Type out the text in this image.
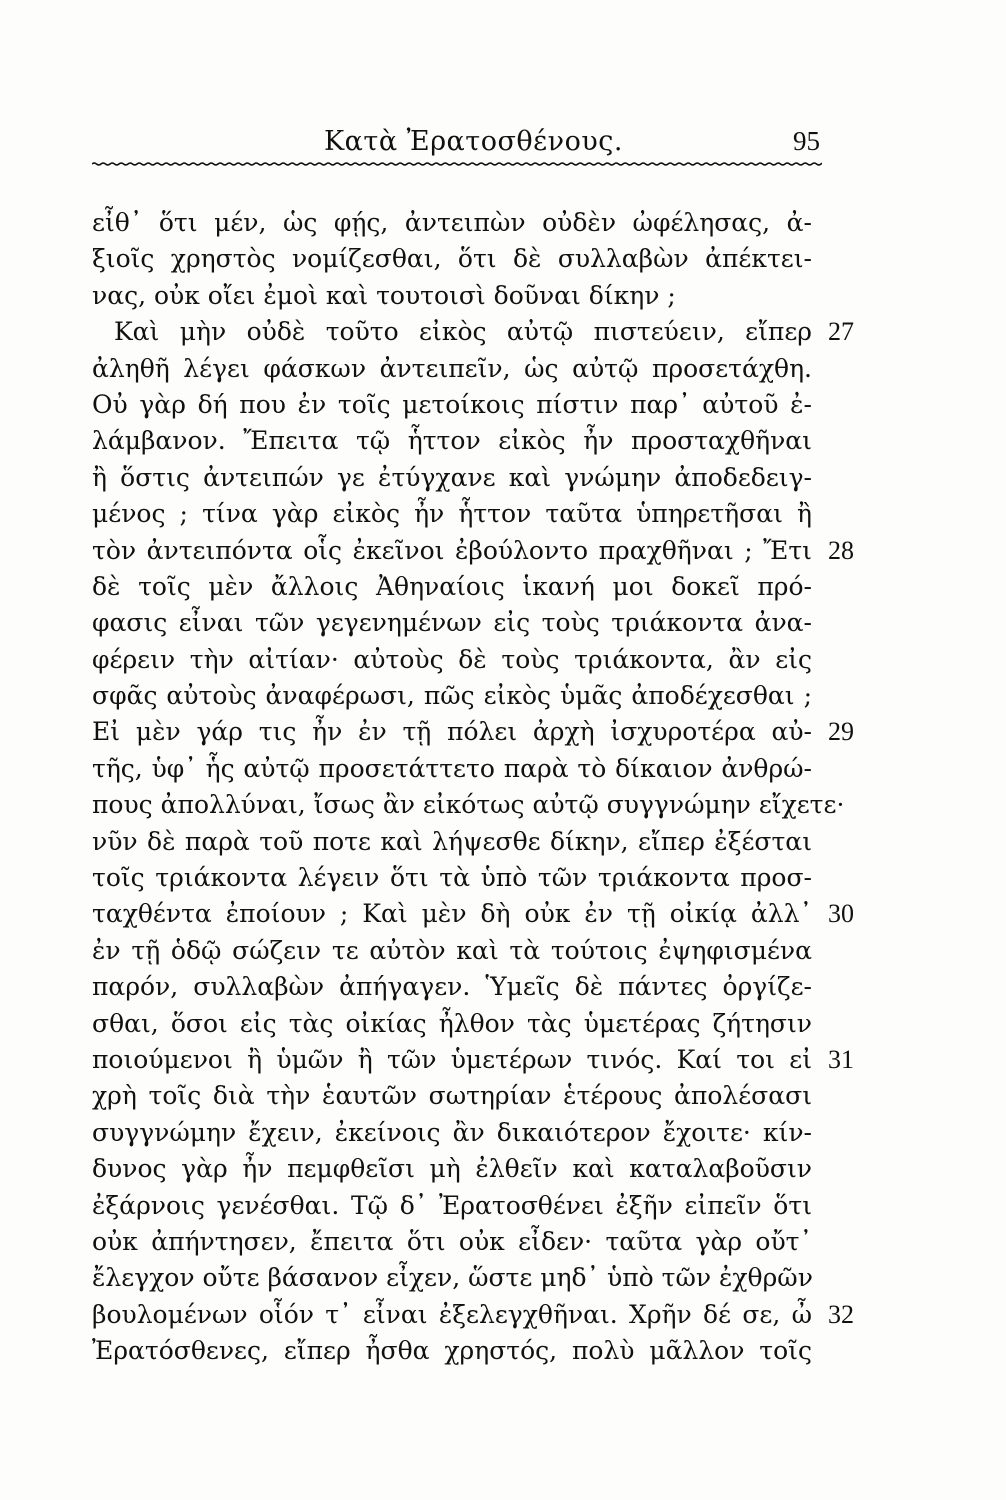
Κατὰ Ἐρατοσθένους.	95
εἶθ᾽ ὅτι μέν, ὡς φῄς, ἀντειπὼν οὐδὲν ὠφέλησας, ἀ-
ξιοῖς χρηστὸς νομίζεσθαι, ὅτι δὲ συλλαβὼν ἀπέκτει-
νας, οὐκ οἴει ἐμοὶ καὶ τουτοισὶ δοῦναι δίκην ;
Καὶ μὴν οὐδὲ τοῦτο εἰκὸς αὐτῷ πιστεύειν, εἴπερ 27
ἀληθῆ λέγει φάσκων ἀντειπεῖν, ὡς αὐτῷ προσετάχθη.
Οὐ γὰρ δή που ἐν τοῖς μετοίκοις πίστιν παρ᾽ αὐτοῦ ἐ-
λάμβανον. Ἔπειτα τῷ ἧττον εἰκὸς ἦν προσταχθῆναι
ἢ ὅστις ἀντειπών γε ἐτύγχανε καὶ γνώμην ἀποδεδειγ-
μένος ; τίνα γὰρ εἰκὸς ἦν ἧττον ταῦτα ὑπηρετῆσαι ἢ
τὸν ἀντειπόντα οἷς ἐκεῖνοι ἐβούλοντο πραχθῆναι ; Ἔτι 28
δὲ τοῖς μὲν ἄλλοις Ἀθηναίοις ἱκανή μοι δοκεῖ πρό-
φασις εἶναι τῶν γεγενημένων εἰς τοὺς τριάκοντα ἀνα-
φέρειν τὴν αἰτίαν· αὐτοὺς δὲ τοὺς τριάκοντα, ἂν εἰς
σφᾶς αὐτοὺς ἀναφέρωσι, πῶς εἰκὸς ὑμᾶς ἀποδέχεσθαι ;
Εἰ μὲν γάρ τις ἦν ἐν τῇ πόλει ἀρχὴ ἰσχυροτέρα αὐ- 29
τῆς, ὑφ᾽ ἧς αὐτῷ προσετάττετο παρὰ τὸ δίκαιον ἀνθρώ-
πους ἀπολλύναι, ἴσως ἂν εἰκότως αὐτῷ συγγνώμην εἴχετε·
νῦν δὲ παρὰ τοῦ ποτε καὶ λήψεσθε δίκην, εἴπερ ἐξέσται
τοῖς τριάκοντα λέγειν ὅτι τὰ ὑπὸ τῶν τριάκοντα προσ-
ταχθέντα ἐποίουν ; Καὶ μὲν δὴ οὐκ ἐν τῇ οἰκίᾳ ἀλλ᾽ 30
ἐν τῇ ὁδῷ σώζειν τε αὐτὸν καὶ τὰ τούτοις ἐψηφισμένα
παρόν, συλλαβὼν ἀπήγαγεν. Ὑμεῖς δὲ πάντες ὀργίζε-
σθαι, ὅσοι εἰς τὰς οἰκίας ἦλθον τὰς ὑμετέρας ζήτησιν
ποιούμενοι ἢ ὑμῶν ἢ τῶν ὑμετέρων τινός. Καί τοι εἰ 31
χρὴ τοῖς διὰ τὴν ἑαυτῶν σωτηρίαν ἑτέρους ἀπολέσασι
συγγνώμην ἔχειν, ἐκείνοις ἂν δικαιότερον ἔχοιτε· κίν-
δυνος γὰρ ἦν πεμφθεῖσι μὴ ἐλθεῖν καὶ καταλαβοῦσιν
ἐξάρνοις γενέσθαι. Τῷ δ᾽ Ἐρατοσθένει ἐξῆν εἰπεῖν ὅτι
οὐκ ἀπήντησεν, ἔπειτα ὅτι οὐκ εἶδεν· ταῦτα γὰρ οὔτ᾽
ἔλεγχον οὔτε βάσανον εἶχεν, ὥστε μηδ᾽ ὑπὸ τῶν ἐχθρῶν
βουλομένων οἷόν τ᾽ εἶναι ἐξελεγχθῆναι. Χρῆν δέ σε, ὦ 32
Ἐρατόσθενες, εἴπερ ἦσθα χρηστός, πολὺ μᾶλλον τοῖς
